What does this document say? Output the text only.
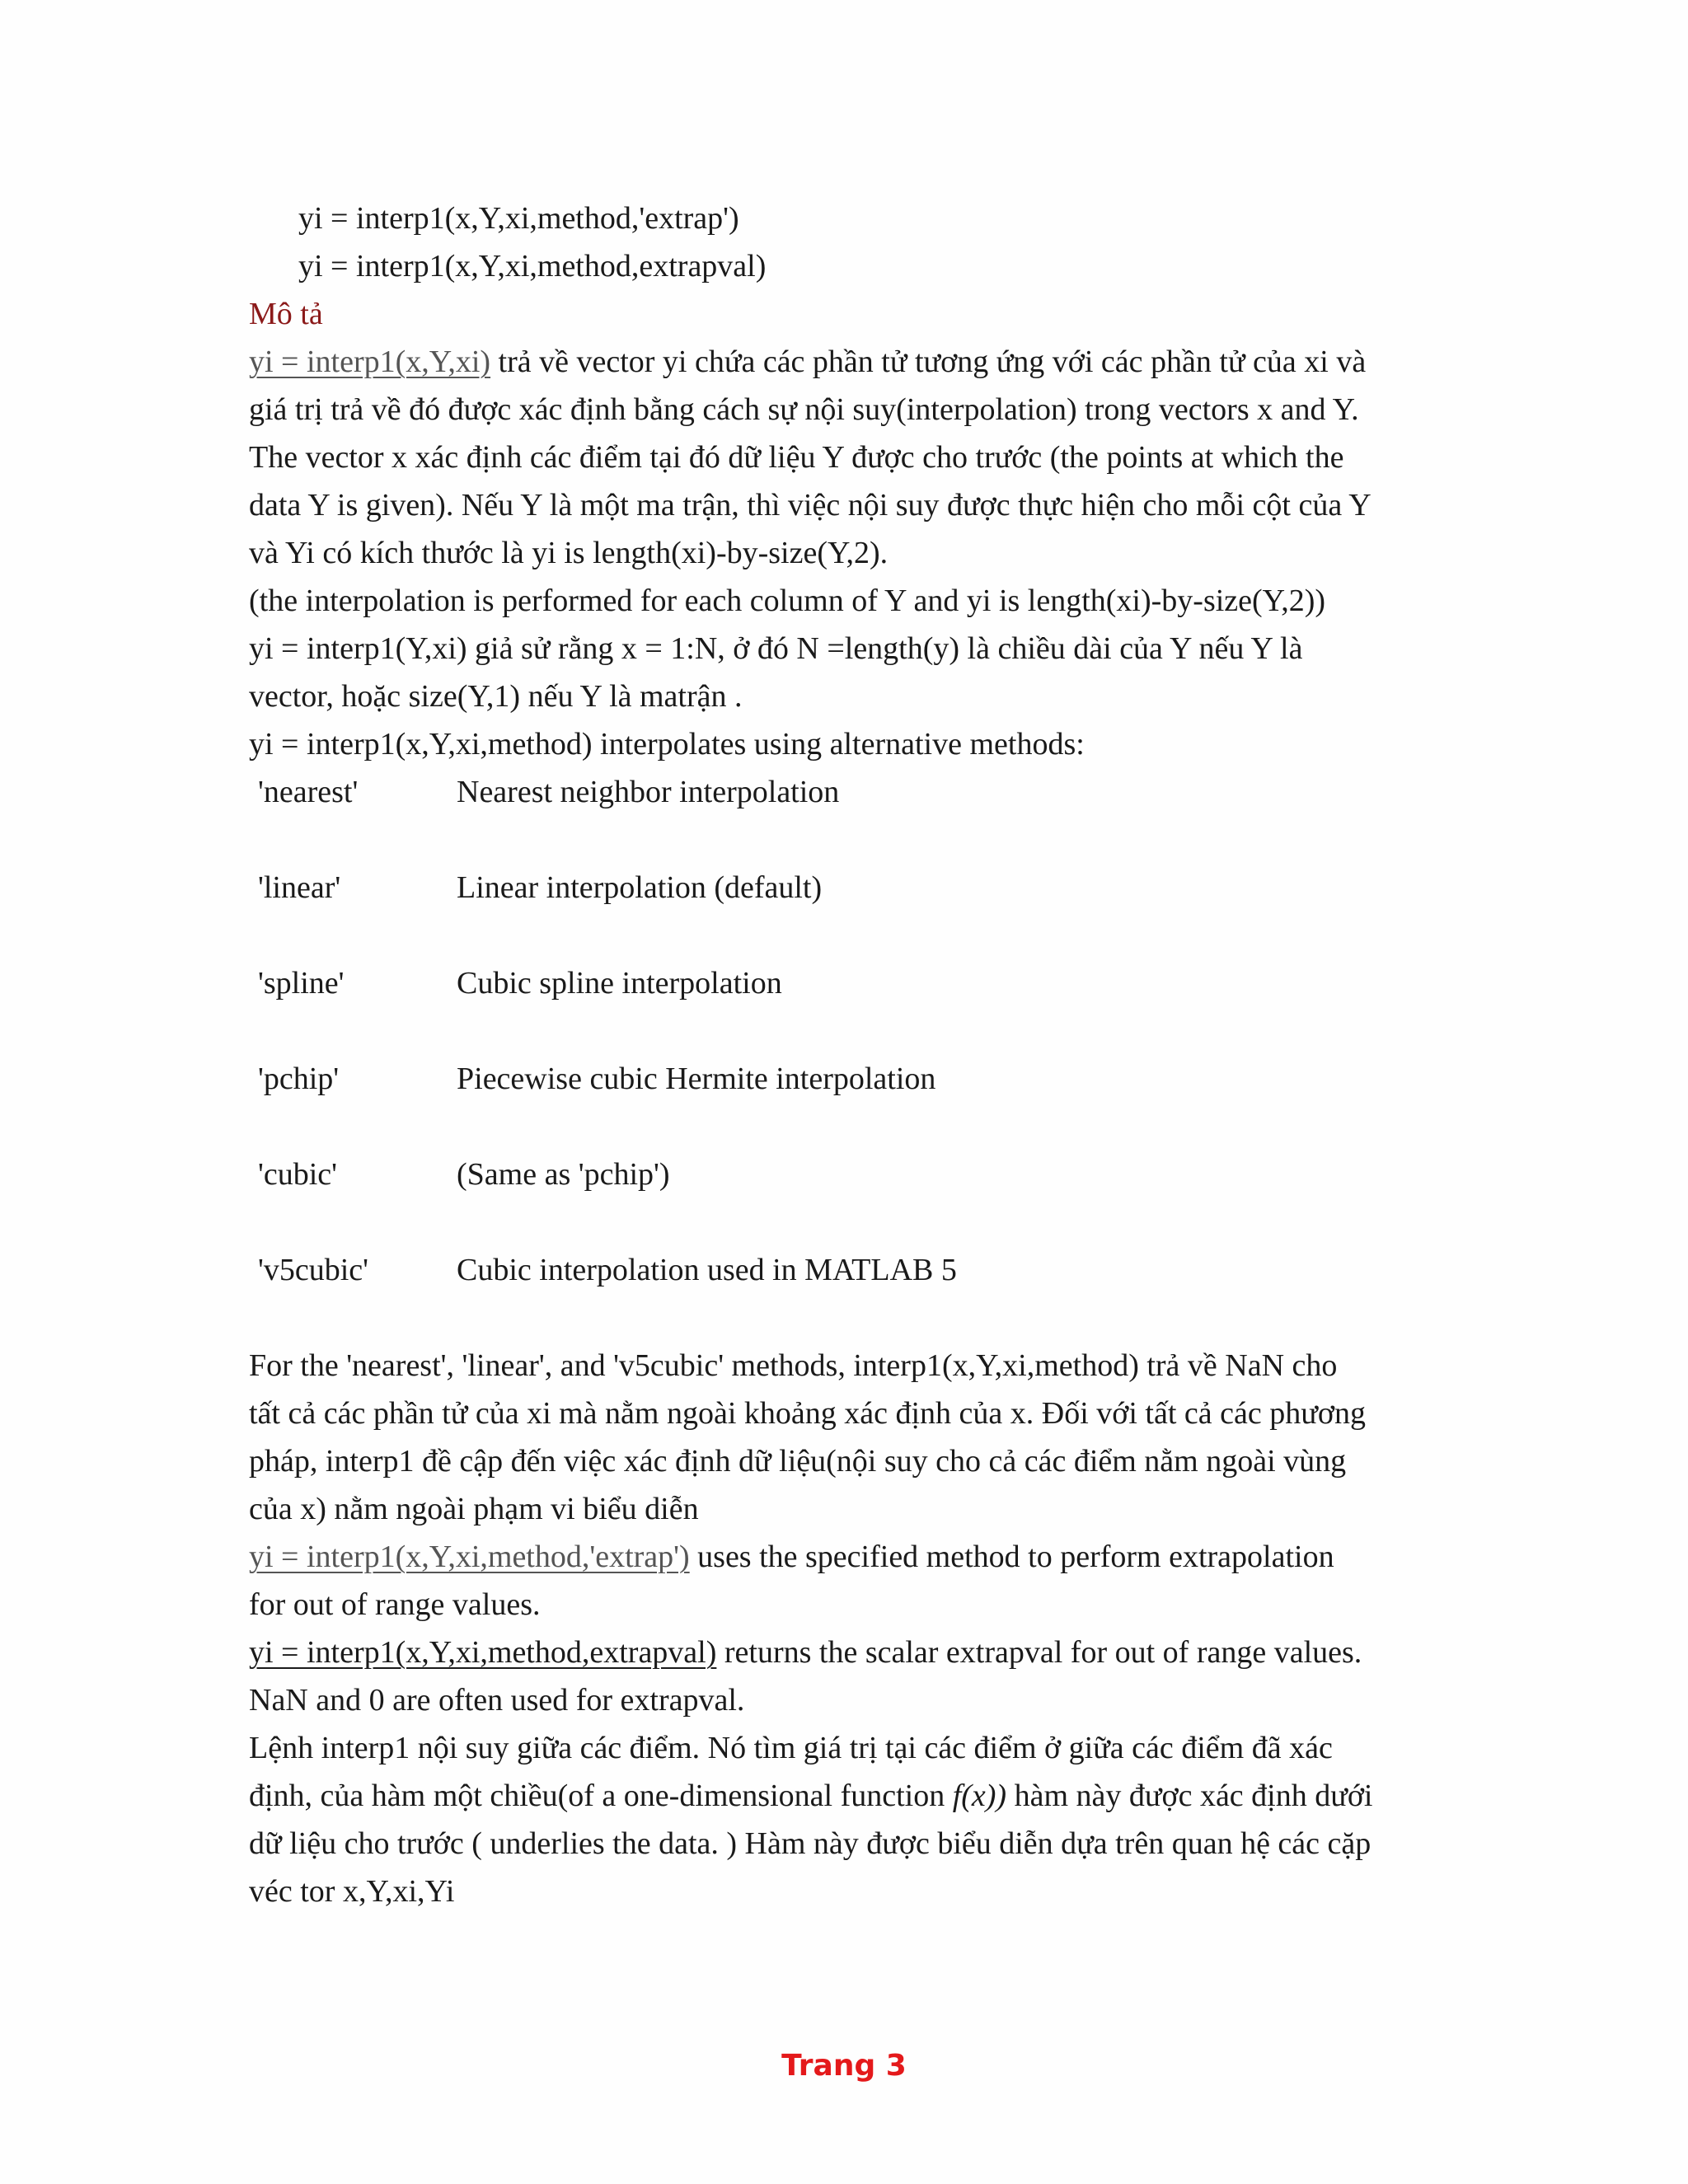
yi = interp1(x,Y,xi,method,'extrap')
yi = interp1(x,Y,xi,method,extrapval)
Mô tả
yi = interp1(x,Y,xi) trả về vector yi chứa các phần tử tương ứng với các phần tử của xi và
giá trị trả về đó được xác định bằng cách sự nội suy(interpolation) trong vectors x and Y.
The vector x xác định các điểm tại đó dữ liệu Y được cho trước (the points at which the
data Y is given). Nếu Y là một ma trận, thì việc nội suy được thực hiện cho mỗi cột của Y
và Yi có kích thước là yi is length(xi)-by-size(Y,2).
(the interpolation is performed for each column of Y and yi is length(xi)-by-size(Y,2))
yi = interp1(Y,xi) giả sử rằng x = 1:N, ở đó N =length(y) là chiều dài của Y nếu Y là
vector, hoặc size(Y,1) nếu Y là matrận .
yi = interp1(x,Y,xi,method) interpolates using alternative methods:
'nearest'	Nearest neighbor interpolation
'linear'	Linear interpolation (default)
'spline'	Cubic spline interpolation
'pchip'	Piecewise cubic Hermite interpolation
'cubic'	(Same as 'pchip')
'v5cubic'	Cubic interpolation used in MATLAB 5
For the 'nearest', 'linear', and 'v5cubic' methods, interp1(x,Y,xi,method) trả về NaN cho
tất cả các phần tử của xi mà nằm ngoài khoảng xác định của x. Đối với tất cả các phương
pháp, interp1 đề cập đến việc xác định dữ liệu(nội suy cho cả các điểm nằm ngoài vùng
của x) nằm ngoài phạm vi biểu diễn
yi = interp1(x,Y,xi,method,'extrap') uses the specified method to perform extrapolation
for out of range values.
yi = interp1(x,Y,xi,method,extrapval) returns the scalar extrapval for out of range values.
NaN and 0 are often used for extrapval.
Lệnh interp1 nội suy giữa các điểm. Nó tìm giá trị tại các điểm ở giữa các điểm đã xác
định, của hàm một chiều(of a one-dimensional function f(x)) hàm này được xác định dưới
dữ liệu cho trước ( underlies the data. ) Hàm này được biểu diễn dựa trên quan hệ các cặp
véc tor x,Y,xi,Yi
Trang 3
